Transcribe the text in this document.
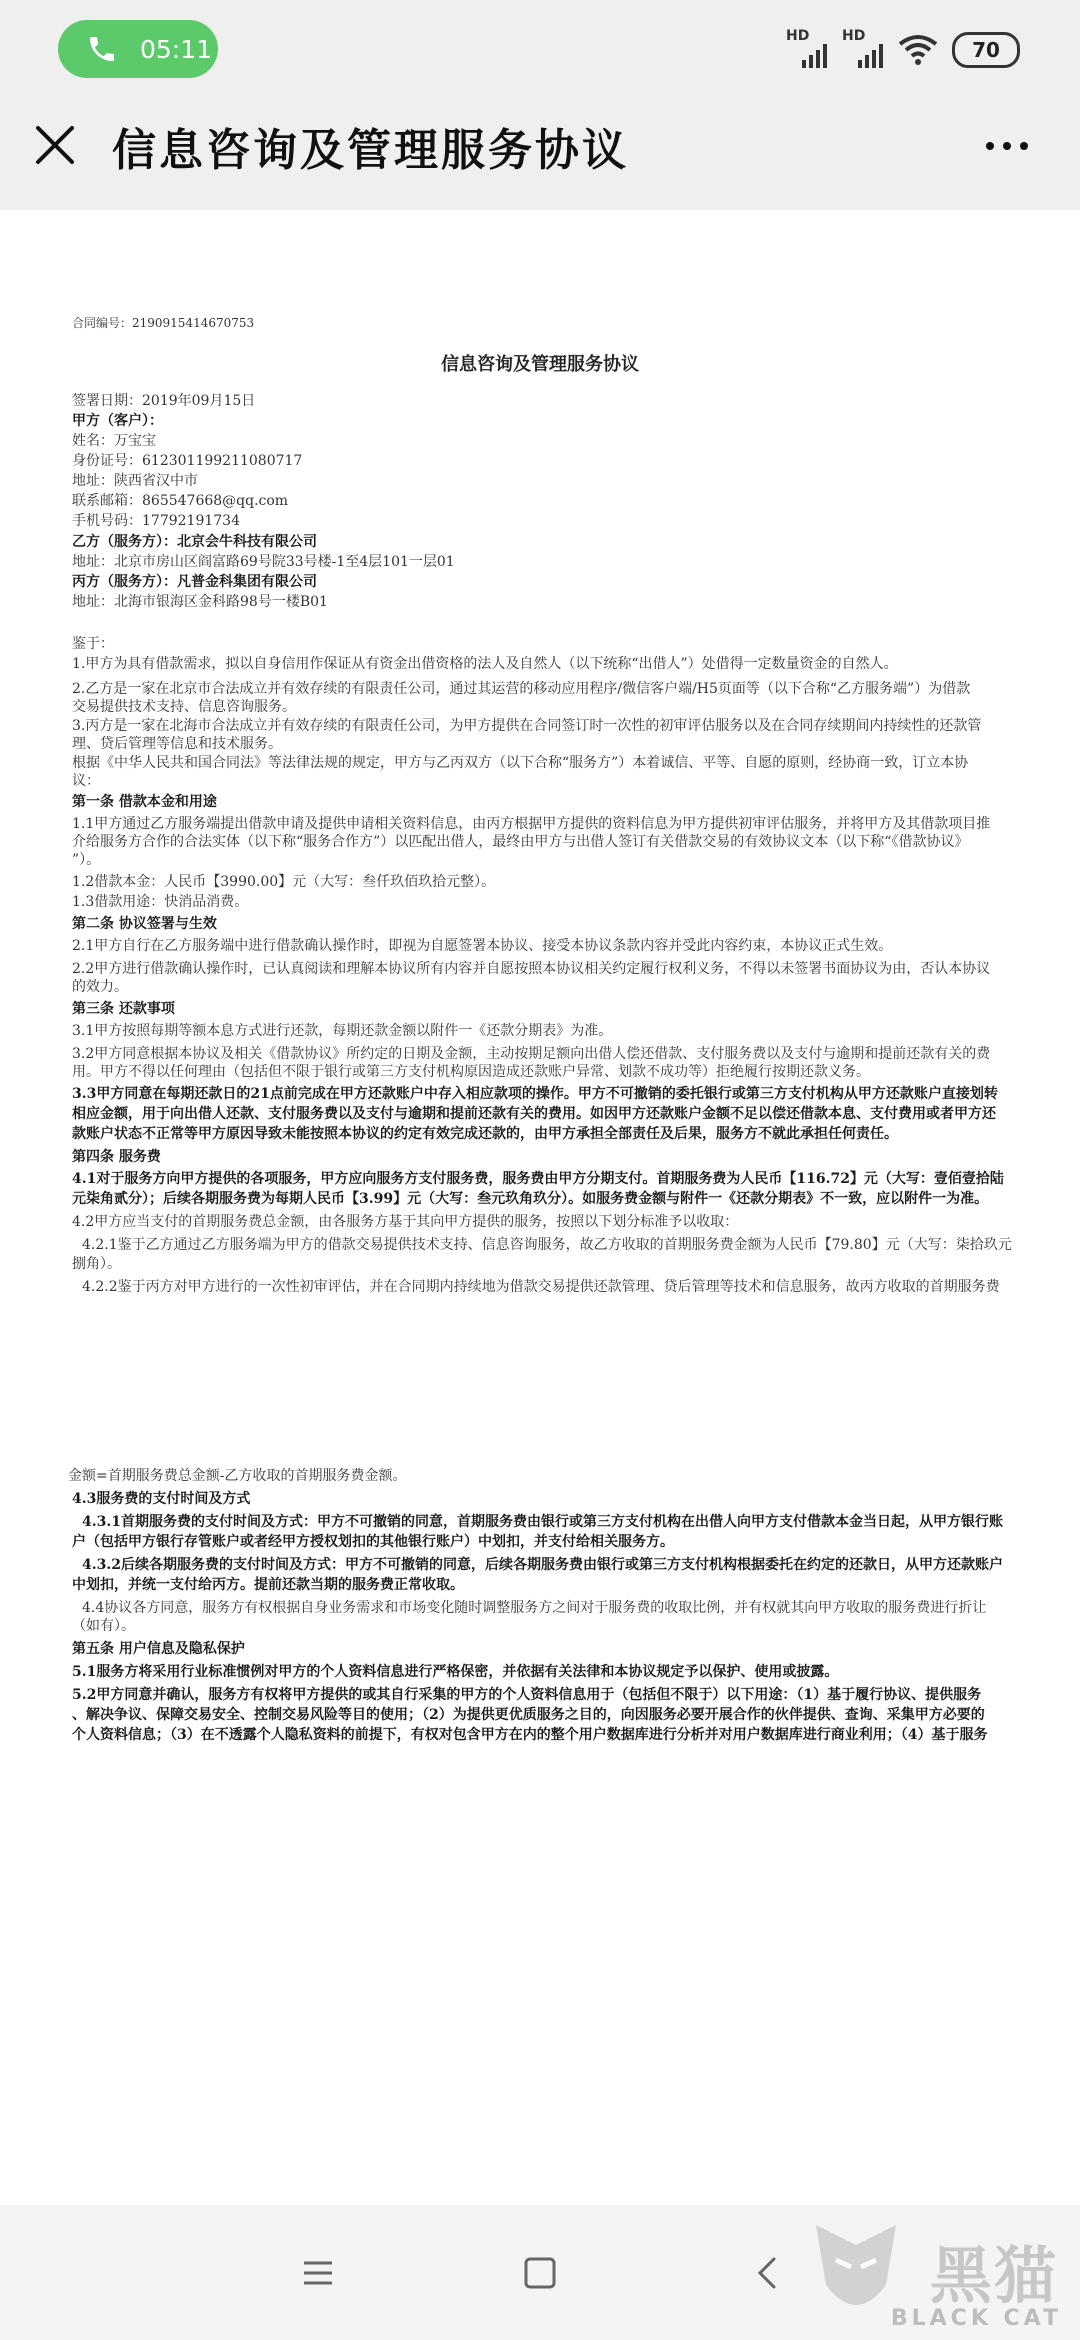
05:11	HD HD
70
信息咨询及管理服务协议
合同编号：2190915414670753
信息咨询及管理服务协议
签署日期：2019年09月15日
甲方（客户）：
姓名：万宝宝
身份证号：612301199211080717
地址：陕西省汉中市
联系邮箱：865547668@qq.com
手机号码：17792191734
乙方（服务方）：北京会牛科技有限公司
地址：北京市房山区阎富路69号院33号楼-1至4层101一层01
丙方（服务方）：凡普金科集团有限公司
地址：北海市银海区金科路98号一楼B01
鉴于：
1.甲方为具有借款需求，拟以自身信用作保证从有资金出借资格的法人及自然人（以下统称“出借人”）处借得一定数量资金的自然人。
2.乙方是一家在北京市合法成立并有效存续的有限责任公司，通过其运营的移动应用程序/微信客户端/H5页面等（以下合称“乙方服务端”）为借款
交易提供技术支持、信息咨询服务。
3.丙方是一家在北海市合法成立并有效存续的有限责任公司，为甲方提供在合同签订时一次性的初审评估服务以及在合同存续期间内持续性的还款管
理、贷后管理等信息和技术服务。
根据《中华人民共和国合同法》等法律法规的规定，甲方与乙丙双方（以下合称“服务方”）本着诚信、平等、自愿的原则，经协商一致，订立本协
议：
第一条 借款本金和用途
1.1甲方通过乙方服务端提出借款申请及提供申请相关资料信息，由丙方根据甲方提供的资料信息为甲方提供初审评估服务，并将甲方及其借款项目推
介给服务方合作的合法实体（以下称“服务合作方”）以匹配出借人，最终由甲方与出借人签订有关借款交易的有效协议文本（以下称“《借款协议》
”）。
1.2借款本金：人民币【3990.00】元（大写：叁仟玖佰玖拾元整）。
1.3借款用途：快消品消费。
第二条 协议签署与生效
2.1甲方自行在乙方服务端中进行借款确认操作时，即视为自愿签署本协议、接受本协议条款内容并受此内容约束，本协议正式生效。
2.2甲方进行借款确认操作时，已认真阅读和理解本协议所有内容并自愿按照本协议相关约定履行权利义务，不得以未签署书面协议为由，否认本协议
的效力。
第三条 还款事项
3.1甲方按照每期等额本息方式进行还款，每期还款金额以附件一《还款分期表》为准。
3.2甲方同意根据本协议及相关《借款协议》所约定的日期及金额，主动按期足额向出借人偿还借款、支付服务费以及支付与逾期和提前还款有关的费
用。甲方不得以任何理由（包括但不限于银行或第三方支付机构原因造成还款账户异常、划款不成功等）拒绝履行按期还款义务。
3.3甲方同意在每期还款日的21点前完成在甲方还款账户中存入相应款项的操作。甲方不可撤销的委托银行或第三方支付机构从甲方还款账户直接划转
相应金额，用于向出借人还款、支付服务费以及支付与逾期和提前还款有关的费用。如因甲方还款账户金额不足以偿还借款本息、支付费用或者甲方还
款账户状态不正常等甲方原因导致未能按照本协议的约定有效完成还款的，由甲方承担全部责任及后果，服务方不就此承担任何责任。
第四条 服务费
4.1对于服务方向甲方提供的各项服务，甲方应向服务方支付服务费，服务费由甲方分期支付。首期服务费为人民币【116.72】元（大写：壹佰壹拾陆
元柒角贰分）；后续各期服务费为每期人民币【3.99】元（大写：叁元玖角玖分）。如服务费金额与附件一《还款分期表》不一致，应以附件一为准。
4.2甲方应当支付的首期服务费总金额，由各服务方基于其向甲方提供的服务，按照以下划分标准予以收取：
4.2.1鉴于乙方通过乙方服务端为甲方的借款交易提供技术支持、信息咨询服务，故乙方收取的首期服务费金额为人民币【79.80】元（大写：柒拾玖元
捌角）。
4.2.2鉴于丙方对甲方进行的一次性初审评估，并在合同期内持续地为借款交易提供还款管理、贷后管理等技术和信息服务，故丙方收取的首期服务费
金额=首期服务费总金额-乙方收取的首期服务费金额。
4.3服务费的支付时间及方式
4.3.1首期服务费的支付时间及方式：甲方不可撤销的同意，首期服务费由银行或第三方支付机构在出借人向甲方支付借款本金当日起，从甲方银行账
户（包括甲方银行存管账户或者经甲方授权划扣的其他银行账户）中划扣，并支付给相关服务方。
4.3.2后续各期服务费的支付时间及方式：甲方不可撤销的同意，后续各期服务费由银行或第三方支付机构根据委托在约定的还款日，从甲方还款账户
中划扣，并统一支付给丙方。提前还款当期的服务费正常收取。
4.4协议各方同意，服务方有权根据自身业务需求和市场变化随时调整服务方之间对于服务费的收取比例，并有权就其向甲方收取的服务费进行折让
（如有）。
第五条 用户信息及隐私保护
5.1服务方将采用行业标准惯例对甲方的个人资料信息进行严格保密，并依据有关法律和本协议规定予以保护、使用或披露。
5.2甲方同意并确认，服务方有权将甲方提供的或其自行采集的甲方的个人资料信息用于（包括但不限于）以下用途：（1）基于履行协议、提供服务
、解决争议、保障交易安全、控制交易风险等目的使用；（2）为提供更优质服务之目的，向因服务必要开展合作的伙伴提供、查询、采集甲方必要的
个人资料信息；（3）在不透露个人隐私资料的前提下，有权对包含甲方在内的整个用户数据库进行分析并对用户数据库进行商业利用；（4）基于服务
黑猫
BLACK CAT
